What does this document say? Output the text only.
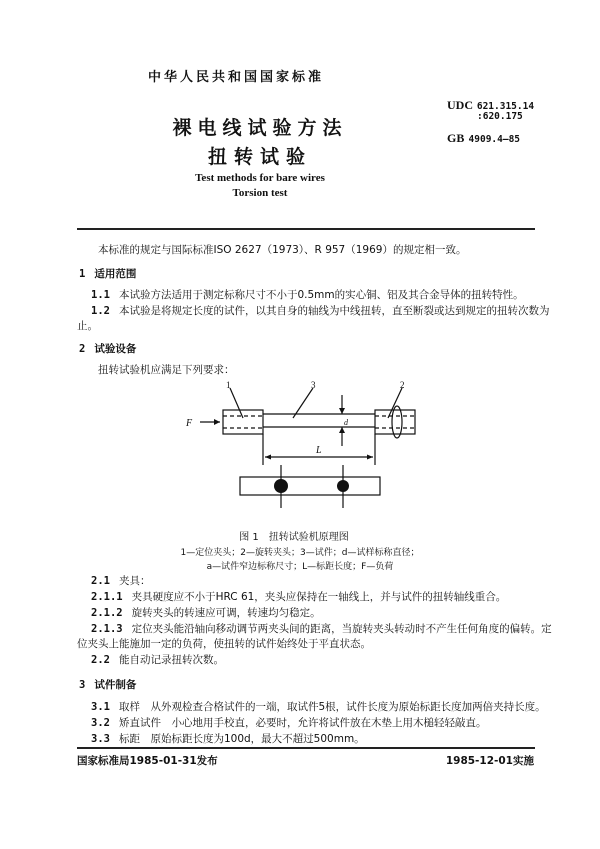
中华人民共和国国家标准
裸电线试验方法
扭转试验
Test methods for bare wires
Torsion test
UDC 621.315.14
:620.175
GB 4909.4—85
本标准的规定与国际标准ISO 2627（1973）、R 957（1969）的规定相一致。
1 适用范围
1.1 本试验方法适用于测定标称尺寸不小于0.5mm的实心铜、铝及其合金导体的扭转特性。
1.2 本试验是将规定长度的试件，以其自身的轴线为中线扭转，直至断裂或达到规定的扭转次数为
止。
2 试验设备
扭转试验机应满足下列要求：
1	3	2
F
L
d
图 1　扭转试验机原理图
1—定位夹头；2—旋转夹头；3—试件；d—试样标称直径；
a—试件窄边标称尺寸；L—标距长度；F—负荷
2.1 夹具：
2.1.1 夹具硬度应不小于HRC 61，夹头应保持在一轴线上，并与试件的扭转轴线重合。
2.1.2 旋转夹头的转速应可调，转速均匀稳定。
2.1.3 定位夹头能沿轴向移动调节两夹头间的距离，当旋转夹头转动时不产生任何角度的偏转。定
位夹头上能施加一定的负荷，使扭转的试件始终处于平直状态。
2.2 能自动记录扭转次数。
3 试件制备
3.1 取样　从外观检查合格试件的一端，取试件5根，试件长度为原始标距长度加两倍夹持长度。
3.2 矫直试件　小心地用手校直，必要时，允许将试件放在木垫上用木槌轻轻敲直。
3.3 标距　原始标距长度为100d，最大不超过500mm。
国家标准局1985-01-31发布	1985-12-01实施
